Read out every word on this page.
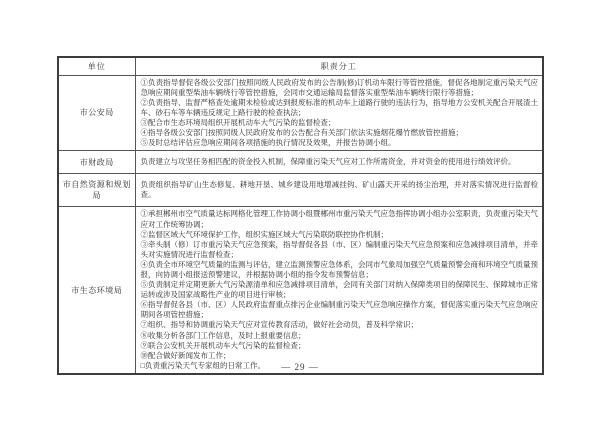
单位	职责分工
市公安局	①负责指导督促各级公安部门按照同级人民政府发布的公告制(修)订机动车限行等管控措施，督促各地制定重污染天气应急响应期间重型柴油车辆绕行等管控措施，会同市交通运输局监督落实重型柴油车辆绕行限行等措施；
②负责指导、监督严格查处逾期未检验或达到报废标准的机动车上道路行驶的违法行为，指导地方公安机关配合开展渣土车、砂石车等车辆违反规定上路行驶的检查执法；
③配合市生态环境局组织开展机动车大气污染的监督检查；
④指导各级公安部门按照同级人民政府发布的公告配合有关部门依法实施烟花爆竹燃放管控措施；
⑤及时总结评估应急响应期间各项措施的执行情况及效果，并报告协调小组。

市财政局	负责建立与攻坚任务相匹配的资金投入机制，保障重污染天气应对工作所需资金，并对资金的使用进行绩效评价。

市自然资源和规划局	负责组织指导矿山生态修复、耕地开垦、城乡建设用地增减挂钩、矿山露天开采的扬尘治理，并对落实情况进行监督检查。

市生态环境局	
①承担郴州市空气质量达标网格化管理工作协调小组暨郴州市重污染天气应急指挥协调小组办公室职责，负责重污染天气应对工作统筹协调；
②监督区域大气环境保护工作，组织实施区域大气污染联防联控协作机制；
③牵头制（修）订市重污染天气应急预案，指导督促各县（市、区）编制重污染天气应急预案和应急减排项目清单，并牵头对实施情况进行监督检查；
④负责全市环境空气质量的监测与评估，建立监测预警应急体系，会同市气象局加强空气质量预警会商和环境空气质量预报，向协调小组报送预警建议，并根据协调小组的指令发布预警信息；
⑤负责制定并定期更新大气污染源清单和应急减排项目清单，会同有关部门对纳入保障类项目的保障民生、保障城市正常运转或涉及国家战略性产业的项目进行审核；
⑥指导督促各县（市、区）人民政府监督重点排污企业编制重污染天气应急响应操作方案，督促落实重污染天气应急响应期间各项管控措施；
⑦组织、指导和协调重污染天气应对宣传教育活动，做好社会动员，普及科学常识；
⑧收集分析各部门工作信息，及时上报重要信息；
⑨联合公安机关开展机动车大气污染的监督检查；
⑩配合做好新闻发布工作；
□负责重污染天气专家组的日常工作。	— 29 —
